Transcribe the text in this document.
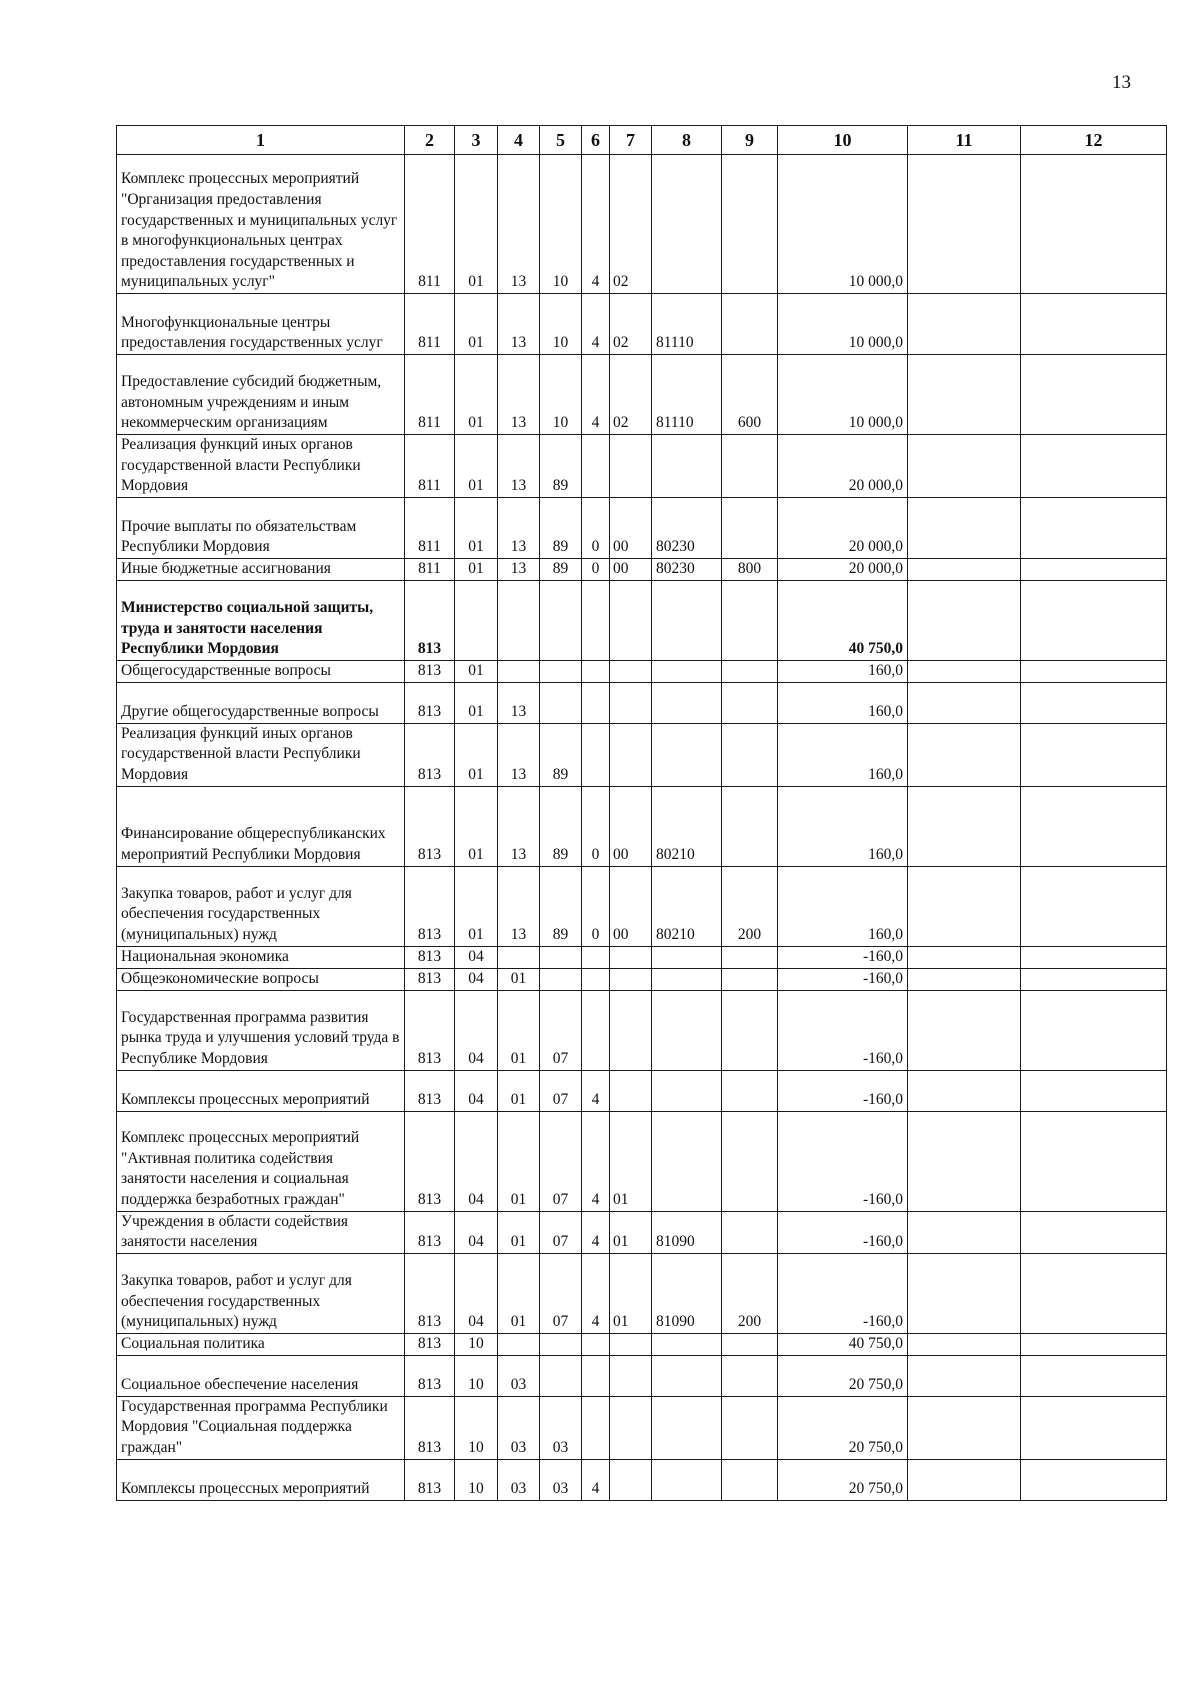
13
1	2	3	4	5	6	7	8	9	10	11	12
Комплекс процессных мероприятий "Организация предоставления государственных и муниципальных услуг в многофункциональных центрах предоставления государственных и муниципальных услуг"	811	01	13	10	4	02			10 000,0		
Многофункциональные центры предоставления государственных услуг	811	01	13	10	4	02	81110		10 000,0		
Предоставление субсидий бюджетным, автономным учреждениям и иным некоммерческим организациям	811	01	13	10	4	02	81110	600	10 000,0		
Реализация функций иных органов государственной власти Республики Мордовия	811	01	13	89					20 000,0		
Прочие выплаты по обязательствам Республики Мордовия	811	01	13	89	0	00	80230		20 000,0		
Иные бюджетные ассигнования	811	01	13	89	0	00	80230	800	20 000,0		
Министерство социальной защиты, труда и занятости населения Республики Мордовия	813								40 750,0		
Общегосударственные вопросы	813	01							160,0		
Другие общегосударственные вопросы	813	01	13						160,0		
Реализация функций иных органов государственной власти Республики Мордовия	813	01	13	89					160,0		
Финансирование общереспубликанских мероприятий Республики Мордовия	813	01	13	89	0	00	80210		160,0		
Закупка товаров, работ и услуг для обеспечения государственных (муниципальных) нужд	813	01	13	89	0	00	80210	200	160,0		
Национальная экономика	813	04							-160,0		
Общеэкономические вопросы	813	04	01						-160,0		
Государственная программа развития рынка труда и улучшения условий труда в Республике Мордовия	813	04	01	07					-160,0		
Комплексы процессных мероприятий	813	04	01	07	4				-160,0		
Комплекс процессных мероприятий "Активная политика содействия занятости населения и социальная поддержка безработных граждан"	813	04	01	07	4	01			-160,0		
Учреждения в области содействия занятости населения	813	04	01	07	4	01	81090		-160,0		
Закупка товаров, работ и услуг для обеспечения государственных (муниципальных) нужд	813	04	01	07	4	01	81090	200	-160,0		
Социальная политика	813	10							40 750,0		
Социальное обеспечение населения	813	10	03						20 750,0		
Государственная программа Республики Мордовия "Социальная поддержка граждан"	813	10	03	03					20 750,0		
Комплексы процессных мероприятий	813	10	03	03	4				20 750,0		
